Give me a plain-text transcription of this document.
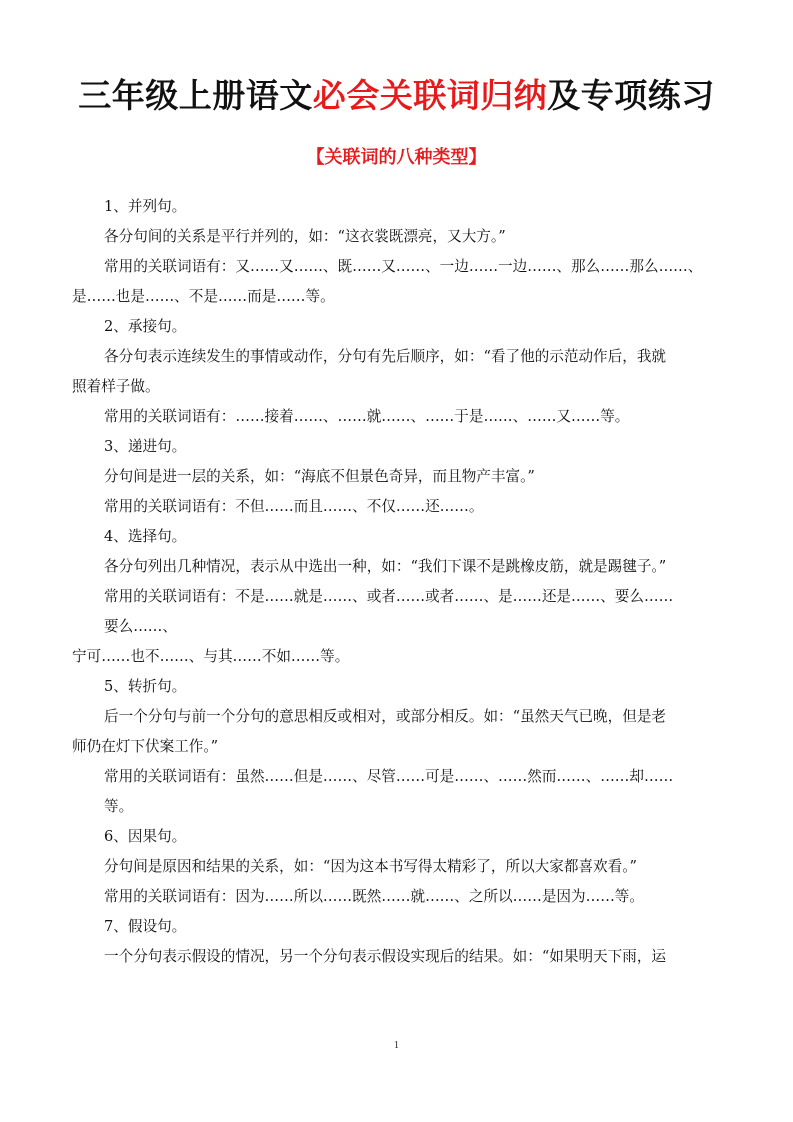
三年级上册语文必会关联词归纳及专项练习
【关联词的八种类型】
1、并列句。
各分句间的关系是平行并列的，如：“这衣裳既漂亮，又大方。”
常用的关联词语有：又……又……、既……又……、一边……一边……、那么……那么……、
是……也是……、不是……而是……等。
2、承接句。
各分句表示连续发生的事情或动作，分句有先后顺序，如：“看了他的示范动作后，我就
照着样子做。
常用的关联词语有：……接着……、……就……、……于是……、……又……等。
3、递进句。
分句间是进一层的关系，如：“海底不但景色奇异，而且物产丰富。”
常用的关联词语有：不但……而且……、不仅……还……。
4、选择句。
各分句列出几种情况，表示从中选出一种，如：“我们下课不是跳橡皮筋，就是踢毽子。”
常用的关联词语有：不是……就是……、或者……或者……、是……还是……、要么……
要么……、
宁可……也不……、与其……不如……等。
5、转折句。
后一个分句与前一个分句的意思相反或相对，或部分相反。如：“虽然天气已晚，但是老
师仍在灯下伏案工作。”
常用的关联词语有：虽然……但是……、尽管……可是……、……然而……、……却……
等。
6、因果句。
分句间是原因和结果的关系，如：“因为这本书写得太精彩了，所以大家都喜欢看。”
常用的关联词语有：因为……所以……既然……就……、之所以……是因为……等。
7、假设句。
一个分句表示假设的情况，另一个分句表示假设实现后的结果。如：“如果明天下雨，运
1
